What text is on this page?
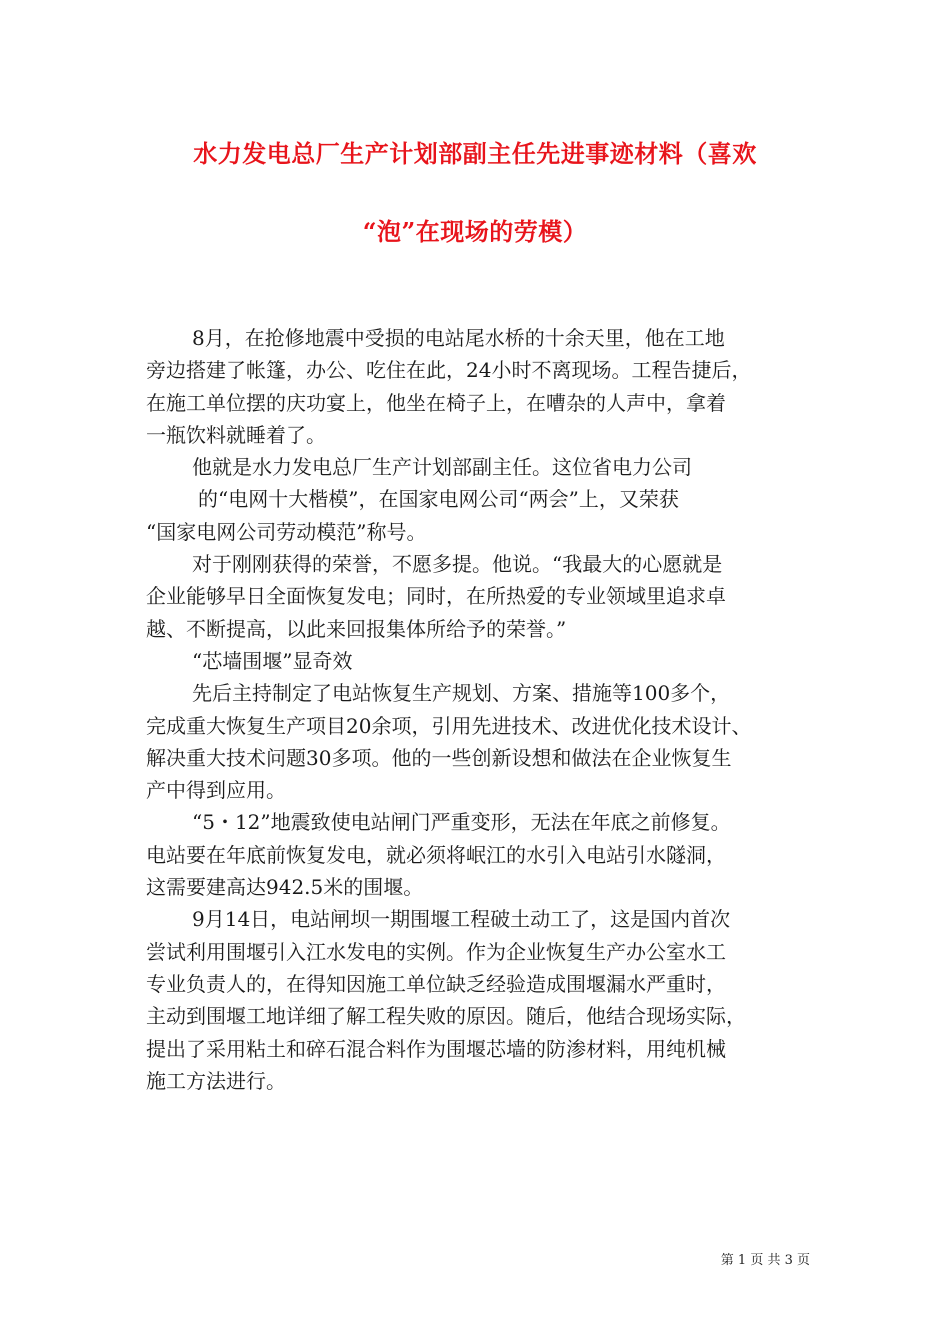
水力发电总厂生产计划部副主任先进事迹材料（喜欢
“泡”在现场的劳模）
8月，在抢修地震中受损的电站尾水桥的十余天里，他在工地
旁边搭建了帐篷，办公、吃住在此，24小时不离现场。工程告捷后，
在施工单位摆的庆功宴上，他坐在椅子上，在嘈杂的人声中，拿着
一瓶饮料就睡着了。
他就是水力发电总厂生产计划部副主任。这位省电力公司
的“电网十大楷模”，在国家电网公司“两会”上，又荣获
“国家电网公司劳动模范”称号。
对于刚刚获得的荣誉，不愿多提。他说。“我最大的心愿就是
企业能够早日全面恢复发电；同时，在所热爱的专业领域里追求卓
越、不断提高，以此来回报集体所给予的荣誉。”
“芯墙围堰”显奇效
先后主持制定了电站恢复生产规划、方案、措施等100多个，
完成重大恢复生产项目20余项，引用先进技术、改进优化技术设计、
解决重大技术问题30多项。他的一些创新设想和做法在企业恢复生
产中得到应用。
“5・12”地震致使电站闸门严重变形，无法在年底之前修复。
电站要在年底前恢复发电，就必须将岷江的水引入电站引水隧洞，
这需要建高达942.5米的围堰。
9月14日，电站闸坝一期围堰工程破土动工了，这是国内首次
尝试利用围堰引入江水发电的实例。作为企业恢复生产办公室水工
专业负责人的，在得知因施工单位缺乏经验造成围堰漏水严重时，
主动到围堰工地详细了解工程失败的原因。随后，他结合现场实际，
提出了采用粘土和碎石混合料作为围堰芯墙的防渗材料，用纯机械
施工方法进行。
第 1 页 共 3 页
